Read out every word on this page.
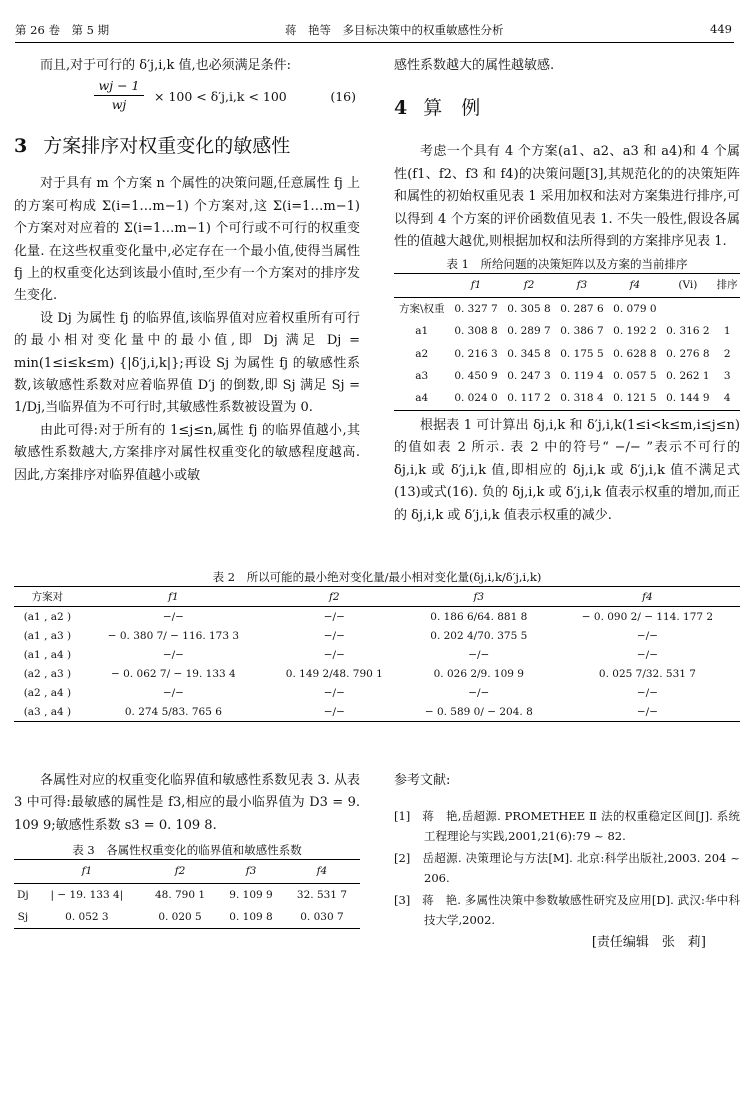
第 26 卷　第 5 期	蒋　艳等　多目标决策中的权重敏感性分析	449

而且,对于可行的 δ′j,i,k 值,也必须满足条件:

$\frac{wj - 1}{wj} \times 100 < \delta'j,i,k < 100$	(16)
3 方案排序对权重变化的敏感性

对于具有 m 个方案 n 个属性的决策问题,任意属性 fj 上的方案可构成 Σ(i=1…m−1) 个方案对,这 Σ(i=1…m−1) 个方案对对应着的 Σ(i=1…m−1) 个可行或不可行的权重变化量. 在这些权重变化量中,必定存在一个最小值,使得当属性 fj 上的权重变化达到该最小值时,至少有一个方案对的排序发生变化.

设 Dj 为属性 fj 的临界值,该临界值对应着权重所有可行的最小相对变化量中的最小值,即 Dj 满足 Dj = min(1≤i≤k≤m) {|δ′j,i,k|};再设 Sj 为属性 fj 的敏感性系数,该敏感性系数对应着临界值 D′j 的倒数,即 Sj 满足 Sj = 1/Dj,当临界值为不可行时,其敏感性系数被设置为 0.

由此可得:对于所有的 1≤j≤n,属性 fj 的临界值越小,其敏感性系数越大,方案排序对属性权重变化的敏感程度越高. 因此,方案排序对临界值越小或敏

感性系数越大的属性越敏感.

4 算　例

考虑一个具有 4 个方案(a1、a2、a3 和 a4)和 4 个属性(f1、f2、f3 和 f4)的决策问题[3],其规范化的的决策矩阵和属性的初始权重见表 1 采用加权和法对方案集进行排序,可以得到 4 个方案的评价函数值见表 1. 不失一般性,假设各属性的值越大越优,则根据加权和法所得到的方案排序见表 1.

表 1　所给问题的决策矩阵以及方案的当前排序
	f1	f2	f3	f4	(Vi)	排序
方案\权重	0. 327 7	0. 305 8	0. 287 6	0. 079 0		
a1	0. 308 8	0. 289 7	0. 386 7	0. 192 2	0. 316 2	1
a2	0. 216 3	0. 345 8	0. 175 5	0. 628 8	0. 276 8	2
a3	0. 450 9	0. 247 3	0. 119 4	0. 057 5	0. 262 1	3
a4	0. 024 0	0. 117 2	0. 318 4	0. 121 5	0. 144 9	4

根据表 1 可计算出 δj,i,k 和 δ′j,i,k(1≤i<k≤m,i≤j≤n)的值如表 2 所示. 表 2 中的符号“ −/− ”表示不可行的 δj,i,k 或 δ′j,i,k 值,即相应的 δj,i,k 或 δ′j,i,k 值不满足式(13)或式(16). 负的 δj,i,k 或 δ′j,i,k 值表示权重的增加,而正的 δj,i,k 或 δ′j,i,k 值表示权重的减少.

表 2　所以可能的最小绝对变化量/最小相对变化量(δj,i,k/δ′j,i,k)
方案对	f1	f2	f3	f4
(a1 , a2 )	−/−	−/−	0. 186 6/64. 881 8	− 0. 090 2/ − 114. 177 2
(a1 , a3 )	− 0. 380 7/ − 116. 173 3	−/−	0. 202 4/70. 375 5	−/−
(a1 , a4 )	−/−	−/−	−/−	−/−
(a2 , a3 )	− 0. 062 7/ − 19. 133 4	0. 149 2/48. 790 1	0. 026 2/9. 109 9	0. 025 7/32. 531 7
(a2 , a4 )	−/−	−/−	−/−	−/−
(a3 , a4 )	0. 274 5/83. 765 6	−/−	− 0. 589 0/ − 204. 8	−/−

各属性对应的权重变化临界值和敏感性系数见表 3. 从表 3 中可得:最敏感的属性是 f3,相应的最小临界值为 D3 = 9. 109 9;敏感性系数 s3 = 0. 109 8.

表 3　各属性权重变化的临界值和敏感性系数
	f1	f2	f3	f4
Dj	| − 19. 133 4|	48. 790 1	9. 109 9	32. 531 7
Sj	0. 052 3	0. 020 5	0. 109 8	0. 030 7

参考文献:

[1]　蒋　艳,岳超源. PROMETHEE Ⅱ 法的权重稳定区间[J]. 系统工程理论与实践,2001,21(6):79 ~ 82.
[2]　岳超源. 决策理论与方法[M]. 北京:科学出版社,2003. 204 ~ 206.
[3]　蒋　艳. 多属性决策中参数敏感性研究及应用[D]. 武汉:华中科技大学,2002.
[责任编辑　张　莉]
